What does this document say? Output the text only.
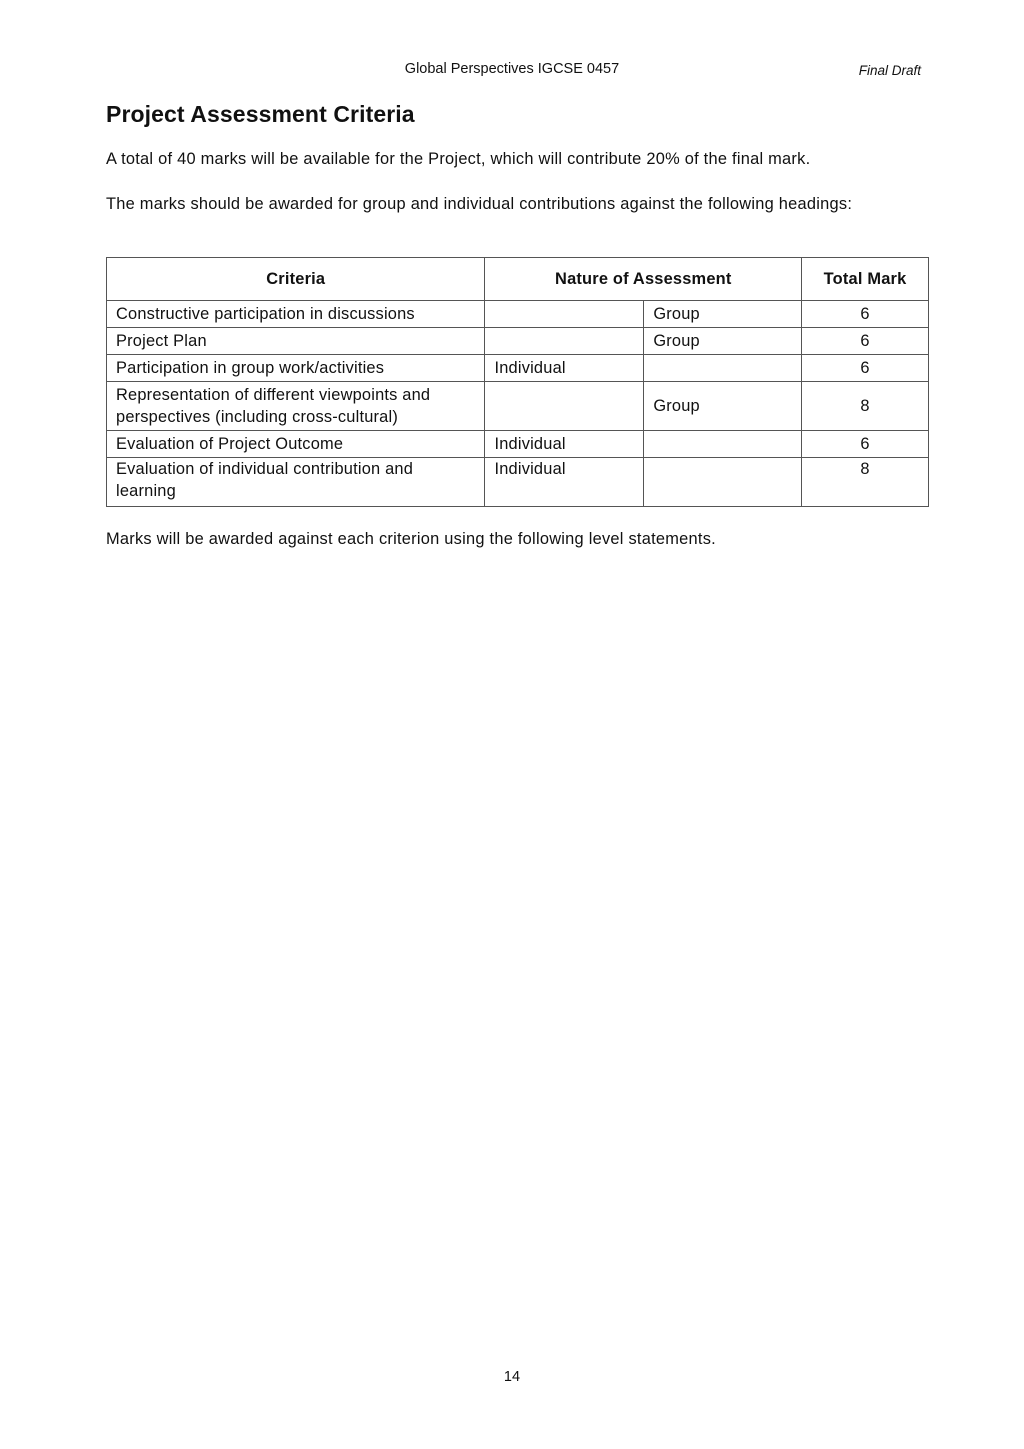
Global Perspectives IGCSE 0457	Final Draft
Project Assessment Criteria

A total of 40 marks will be available for the Project, which will contribute 20% of the final mark.

The marks should be awarded for group and individual contributions against the following headings:

Criteria	Nature of Assessment		Total Mark
Constructive participation in discussions		Group	6
Project Plan		Group	6
Participation in group work/activities	Individual		6
Representation of different viewpoints and perspectives (including cross-cultural)		Group	8
Evaluation of Project Outcome	Individual		6
Evaluation of individual contribution and learning	Individual		8

Marks will be awarded against each criterion using the following level statements.

14
